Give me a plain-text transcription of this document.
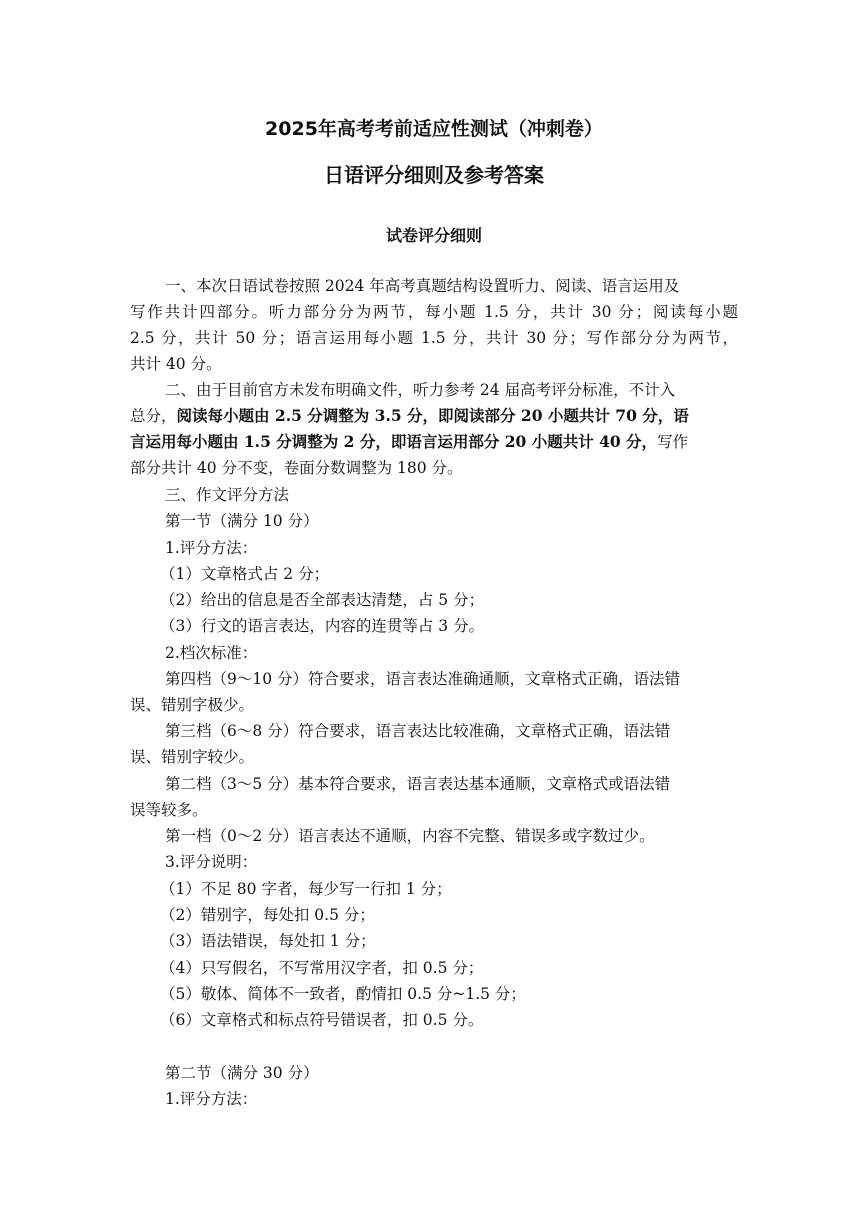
2025年高考考前适应性测试（冲刺卷）
日语评分细则及参考答案
试卷评分细则
一、本次日语试卷按照 2024 年高考真题结构设置听力、阅读、语言运用及
写作共计四部分。听力部分分为两节，每小题 1.5 分，共计 30 分；阅读每小题
2.5 分，共计 50 分；语言运用每小题 1.5 分，共计 30 分；写作部分分为两节，
共计 40 分。
二、由于目前官方未发布明确文件，听力参考 24 届高考评分标准，不计入
总分，阅读每小题由 2.5 分调整为 3.5 分，即阅读部分 20 小题共计 70 分，语
言运用每小题由 1.5 分调整为 2 分，即语言运用部分 20 小题共计 40 分，写作
部分共计 40 分不变，卷面分数调整为 180 分。
三、作文评分方法
第一节（满分 10 分）
1.评分方法：
（1）文章格式占 2 分；
（2）给出的信息是否全部表达清楚，占 5 分；
（3）行文的语言表达，内容的连贯等占 3 分。
2.档次标准：
第四档（9～10 分）符合要求，语言表达准确通顺，文章格式正确，语法错
误、错别字极少。
第三档（6～8 分）符合要求，语言表达比较准确，文章格式正确，语法错
误、错别字较少。
第二档（3～5 分）基本符合要求，语言表达基本通顺，文章格式或语法错
误等较多。
第一档（0～2 分）语言表达不通顺，内容不完整、错误多或字数过少。
3.评分说明：
（1）不足 80 字者，每少写一行扣 1 分；
（2）错别字，每处扣 0.5 分；
（3）语法错误，每处扣 1 分；
（4）只写假名，不写常用汉字者，扣 0.5 分；
（5）敬体、简体不一致者，酌情扣 0.5 分~1.5 分；
（6）文章格式和标点符号错误者，扣 0.5 分。
第二节（满分 30 分）
1.评分方法：
